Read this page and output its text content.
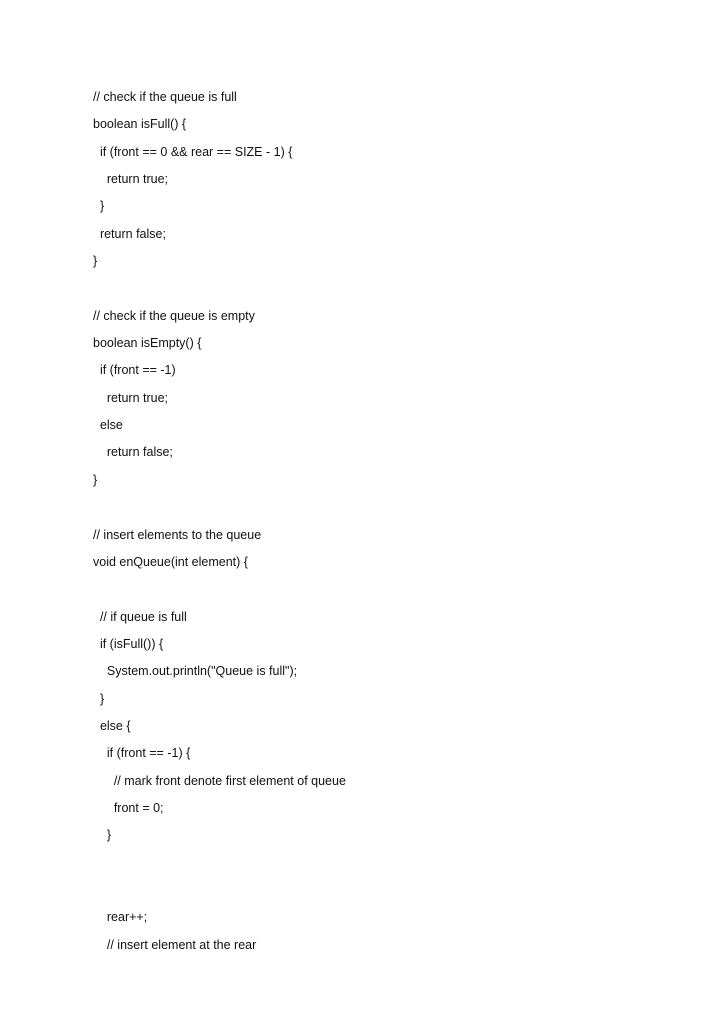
// check if the queue is full
boolean isFull() {
if (front == 0 && rear == SIZE - 1) {
return true;
}
return false;
}
// check if the queue is empty
boolean isEmpty() {
if (front == -1)
return true;
else
return false;
}
// insert elements to the queue
void enQueue(int element) {
// if queue is full
if (isFull()) {
System.out.println("Queue is full");
}
else {
if (front == -1) {
// mark front denote first element of queue
front = 0;
}
rear++;
// insert element at the rear
